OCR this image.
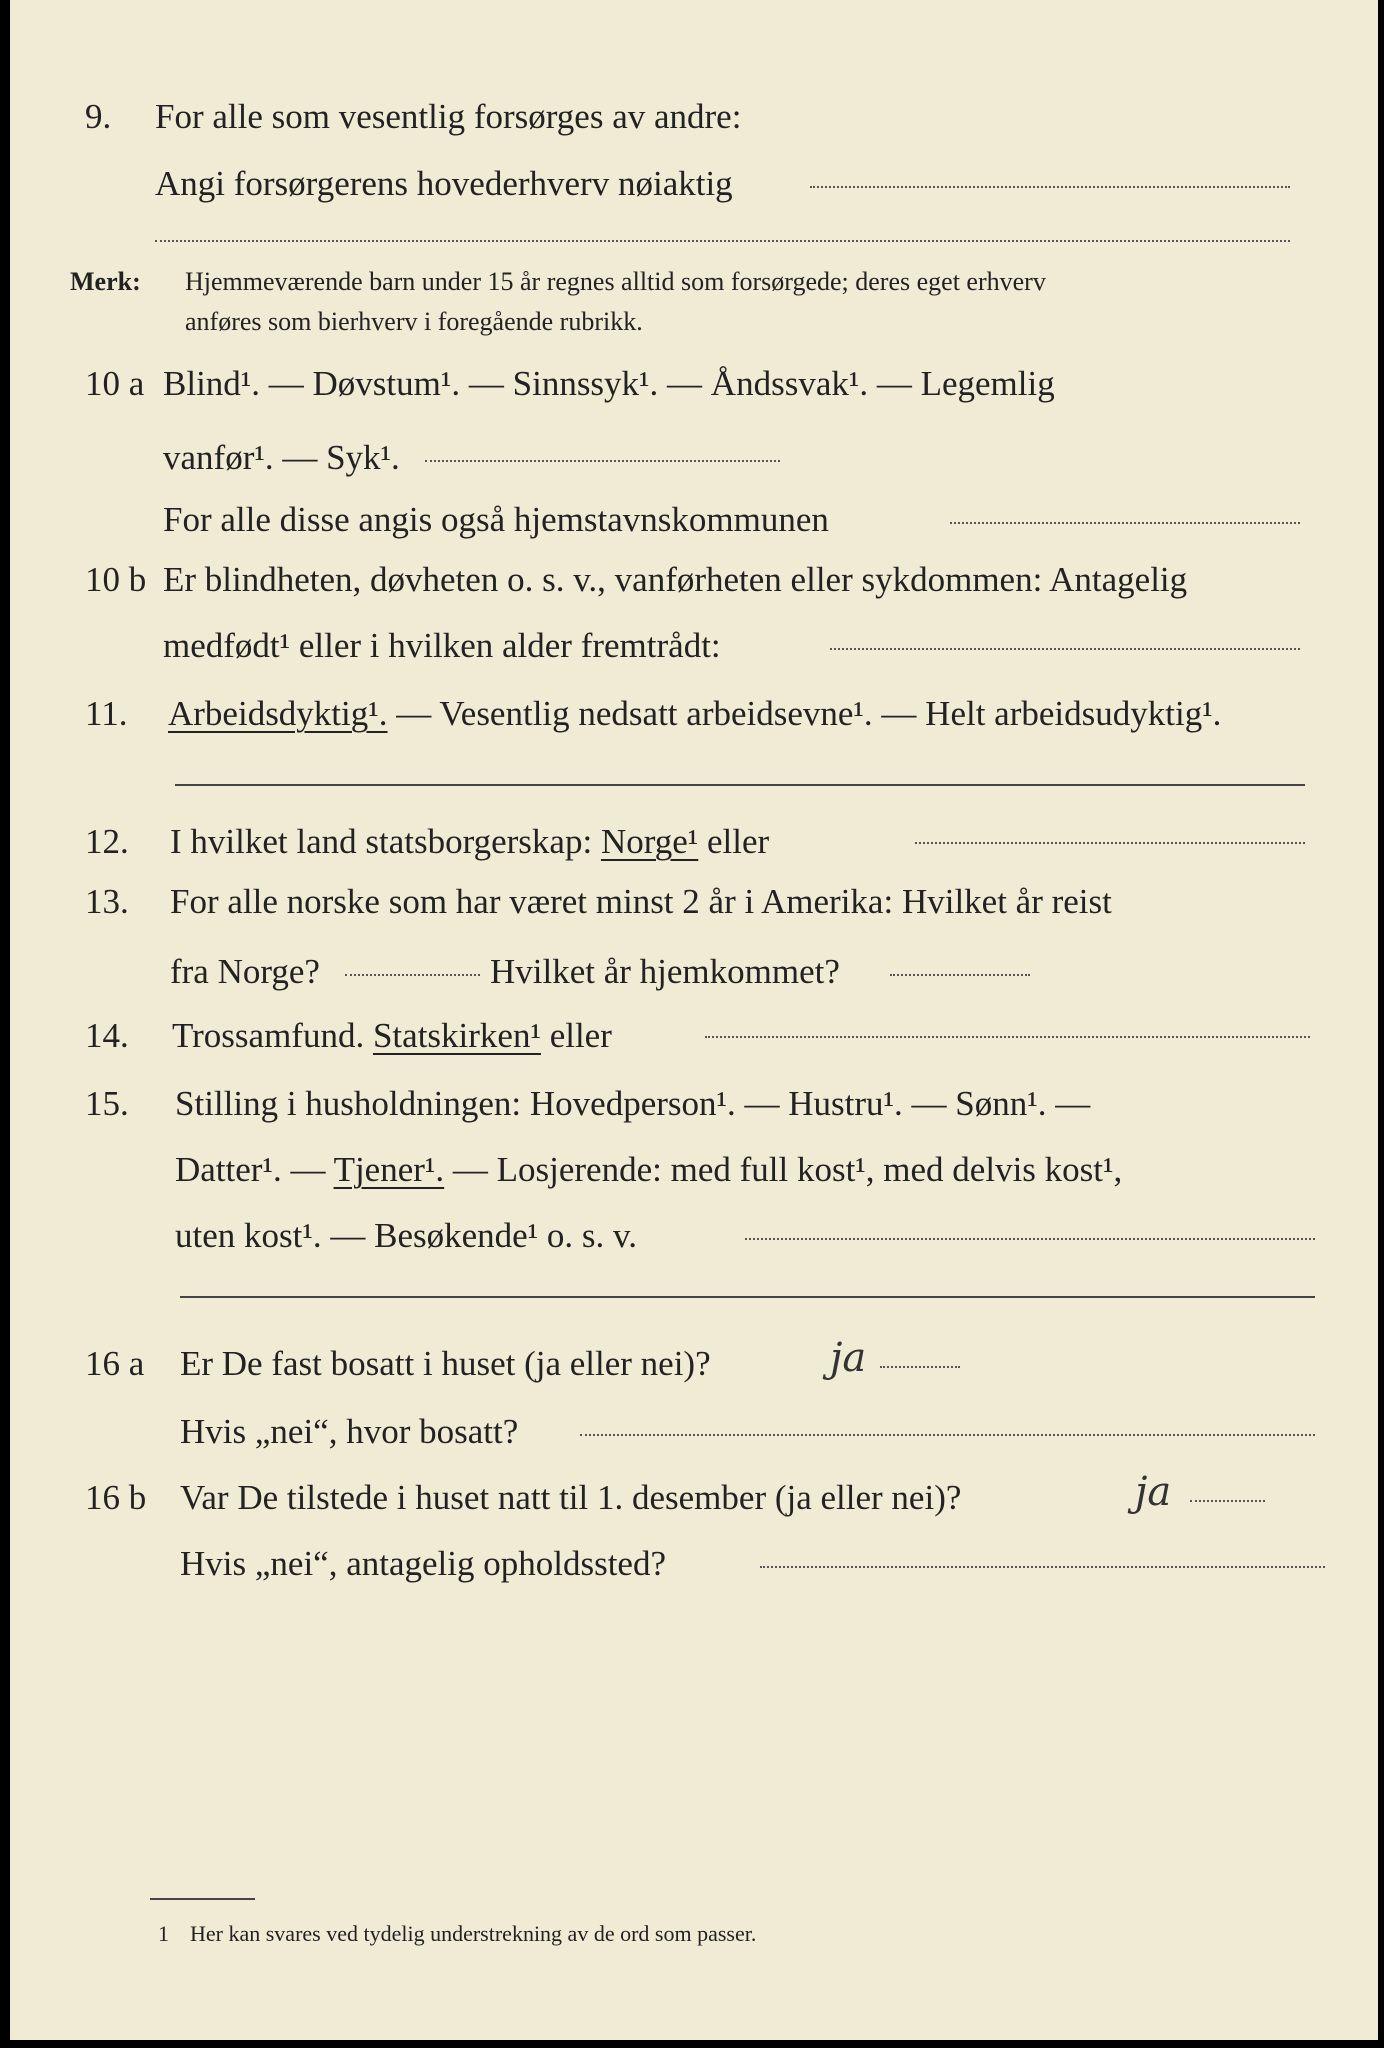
9. For alle som vesentlig forsørges av andre:
Angi forsørgerens hovederhverv nøiaktig
Merk: Hjemmeværende barn under 15 år regnes alltid som forsørgede; deres eget erhverv
anføres som bierhverv i foregående rubrikk.
10 a Blind¹. — Døvstum¹. — Sinnssyk¹. — Åndssvak¹. — Legemlig
vanfør¹. — Syk¹.
For alle disse angis også hjemstavnskommunen
10 b Er blindheten, døvheten o. s. v., vanførheten eller sykdommen: Antagelig
medfødt¹ eller i hvilken alder fremtrådt:
11. Arbeidsdyktig¹. — Vesentlig nedsatt arbeidsevne¹. — Helt arbeidsudyktig¹.
12. I hvilket land statsborgerskap: Norge¹ eller
13. For alle norske som har været minst 2 år i Amerika: Hvilket år reist
fra Norge?	Hvilket år hjemkommet?
14. Trossamfund. Statskirken¹ eller
15. Stilling i husholdningen: Hovedperson¹. — Hustru¹. — Sønn¹. —
Datter¹. — Tjener¹. — Losjerende: med full kost¹, med delvis kost¹,
uten kost¹. — Besøkende¹ o. s. v.
16 a Er De fast bosatt i huset (ja eller nei)?	ja
Hvis „nei“, hvor bosatt?
16 b Var De tilstede i huset natt til 1. desember (ja eller nei)?	ja
Hvis „nei“, antagelig opholdssted?
1 Her kan svares ved tydelig understrekning av de ord som passer.
